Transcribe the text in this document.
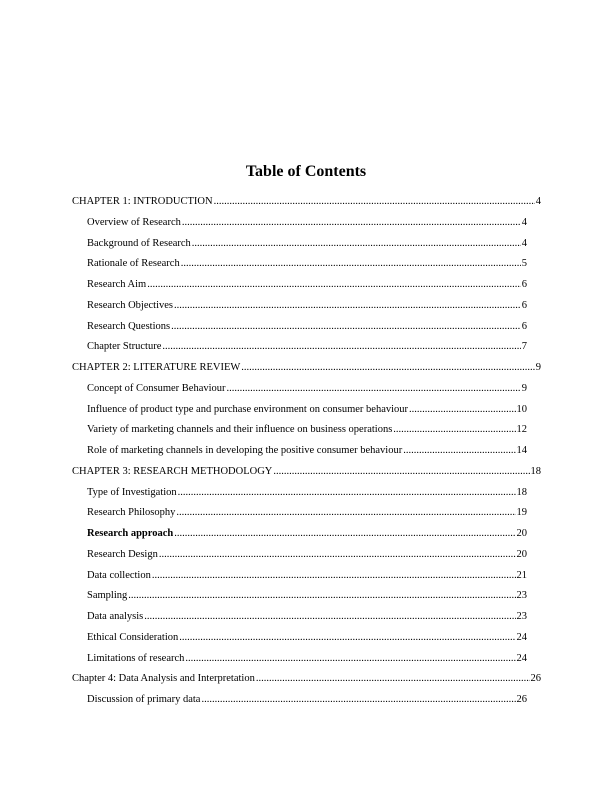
Table of Contents
CHAPTER 1: INTRODUCTION .....	4
Overview of Research .....	4
Background of Research .....	4
Rationale of Research .....	5
Research Aim .....	6
Research Objectives .....	6
Research Questions .....	6
Chapter Structure .....	7
CHAPTER 2: LITERATURE REVIEW .....	9
Concept of Consumer Behaviour .....	9
Influence of product type and purchase environment on consumer behaviour .....	10
Variety of marketing channels and their influence on business operations .....	12
Role of marketing channels in developing the positive consumer behaviour .....	14
CHAPTER 3: RESEARCH METHODOLOGY .....	18
Type of Investigation .....	18
Research Philosophy .....	19
Research approach .....	20
Research Design .....	20
Data collection .....	21
Sampling .....	23
Data analysis .....	23
Ethical Consideration .....	24
Limitations of research .....	24
Chapter 4: Data Analysis and Interpretation .....	26
Discussion of primary data .....	26
